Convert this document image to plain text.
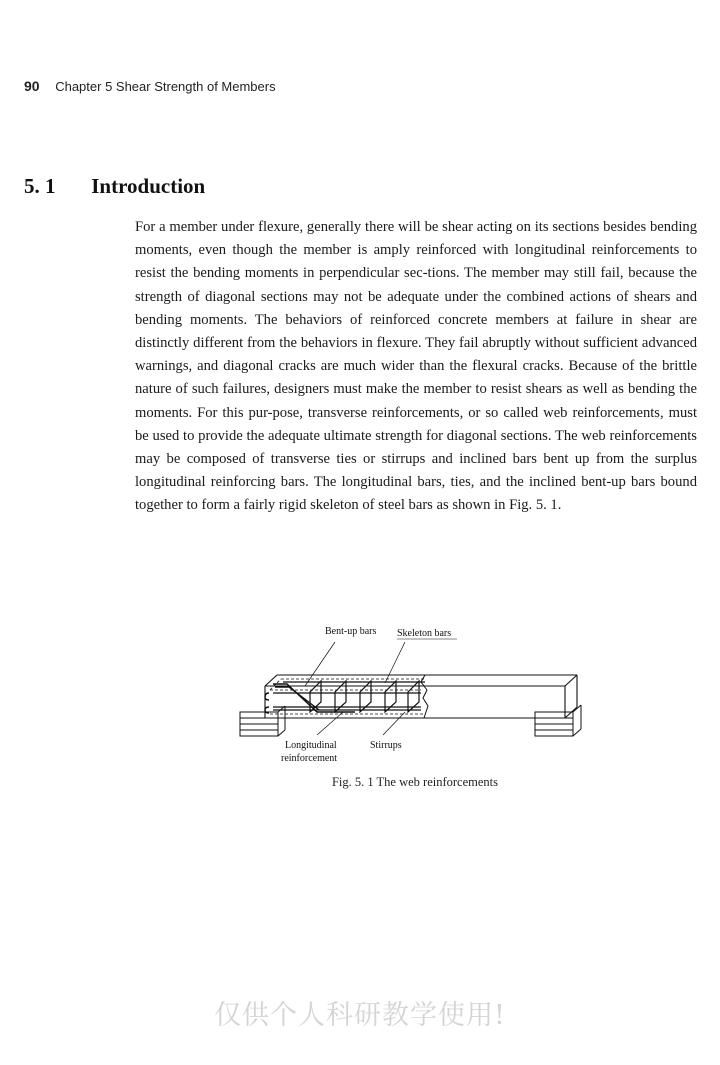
90 Chapter 5 Shear Strength of Members
5. 1 Introduction

For a member under flexure, generally there will be shear acting on its sections besides bending moments, even though the member is amply reinforced with longitudinal reinforcements to resist the bending moments in perpendicular sec-tions. The member may still fail, because the strength of diagonal sections may not be adequate under the combined actions of shears and bending moments. The behaviors of reinforced concrete members at failure in shear are distinctly different from the behaviors in flexure. They fail abruptly without sufficient advanced warnings, and diagonal cracks are much wider than the flexural cracks. Because of the brittle nature of such failures, designers must make the member to resist shears as well as bending the moments. For this pur-pose, transverse reinforcements, or so called web reinforcements, must be used to provide the adequate ultimate strength for diagonal sections. The web reinforcements may be composed of transverse ties or stirrups and inclined bars bent up from the surplus longitudinal reinforcing bars. The longitudinal bars, ties, and the inclined bent-up bars bound together to form a fairly rigid skeleton of steel bars as shown in Fig. 5. 1.

Bent-up bars Skeleton bars
Longitudinal
reinforcement
Stirrups
Fig. 5. 1 The web reinforcements
仅供个人科研教学使用!
